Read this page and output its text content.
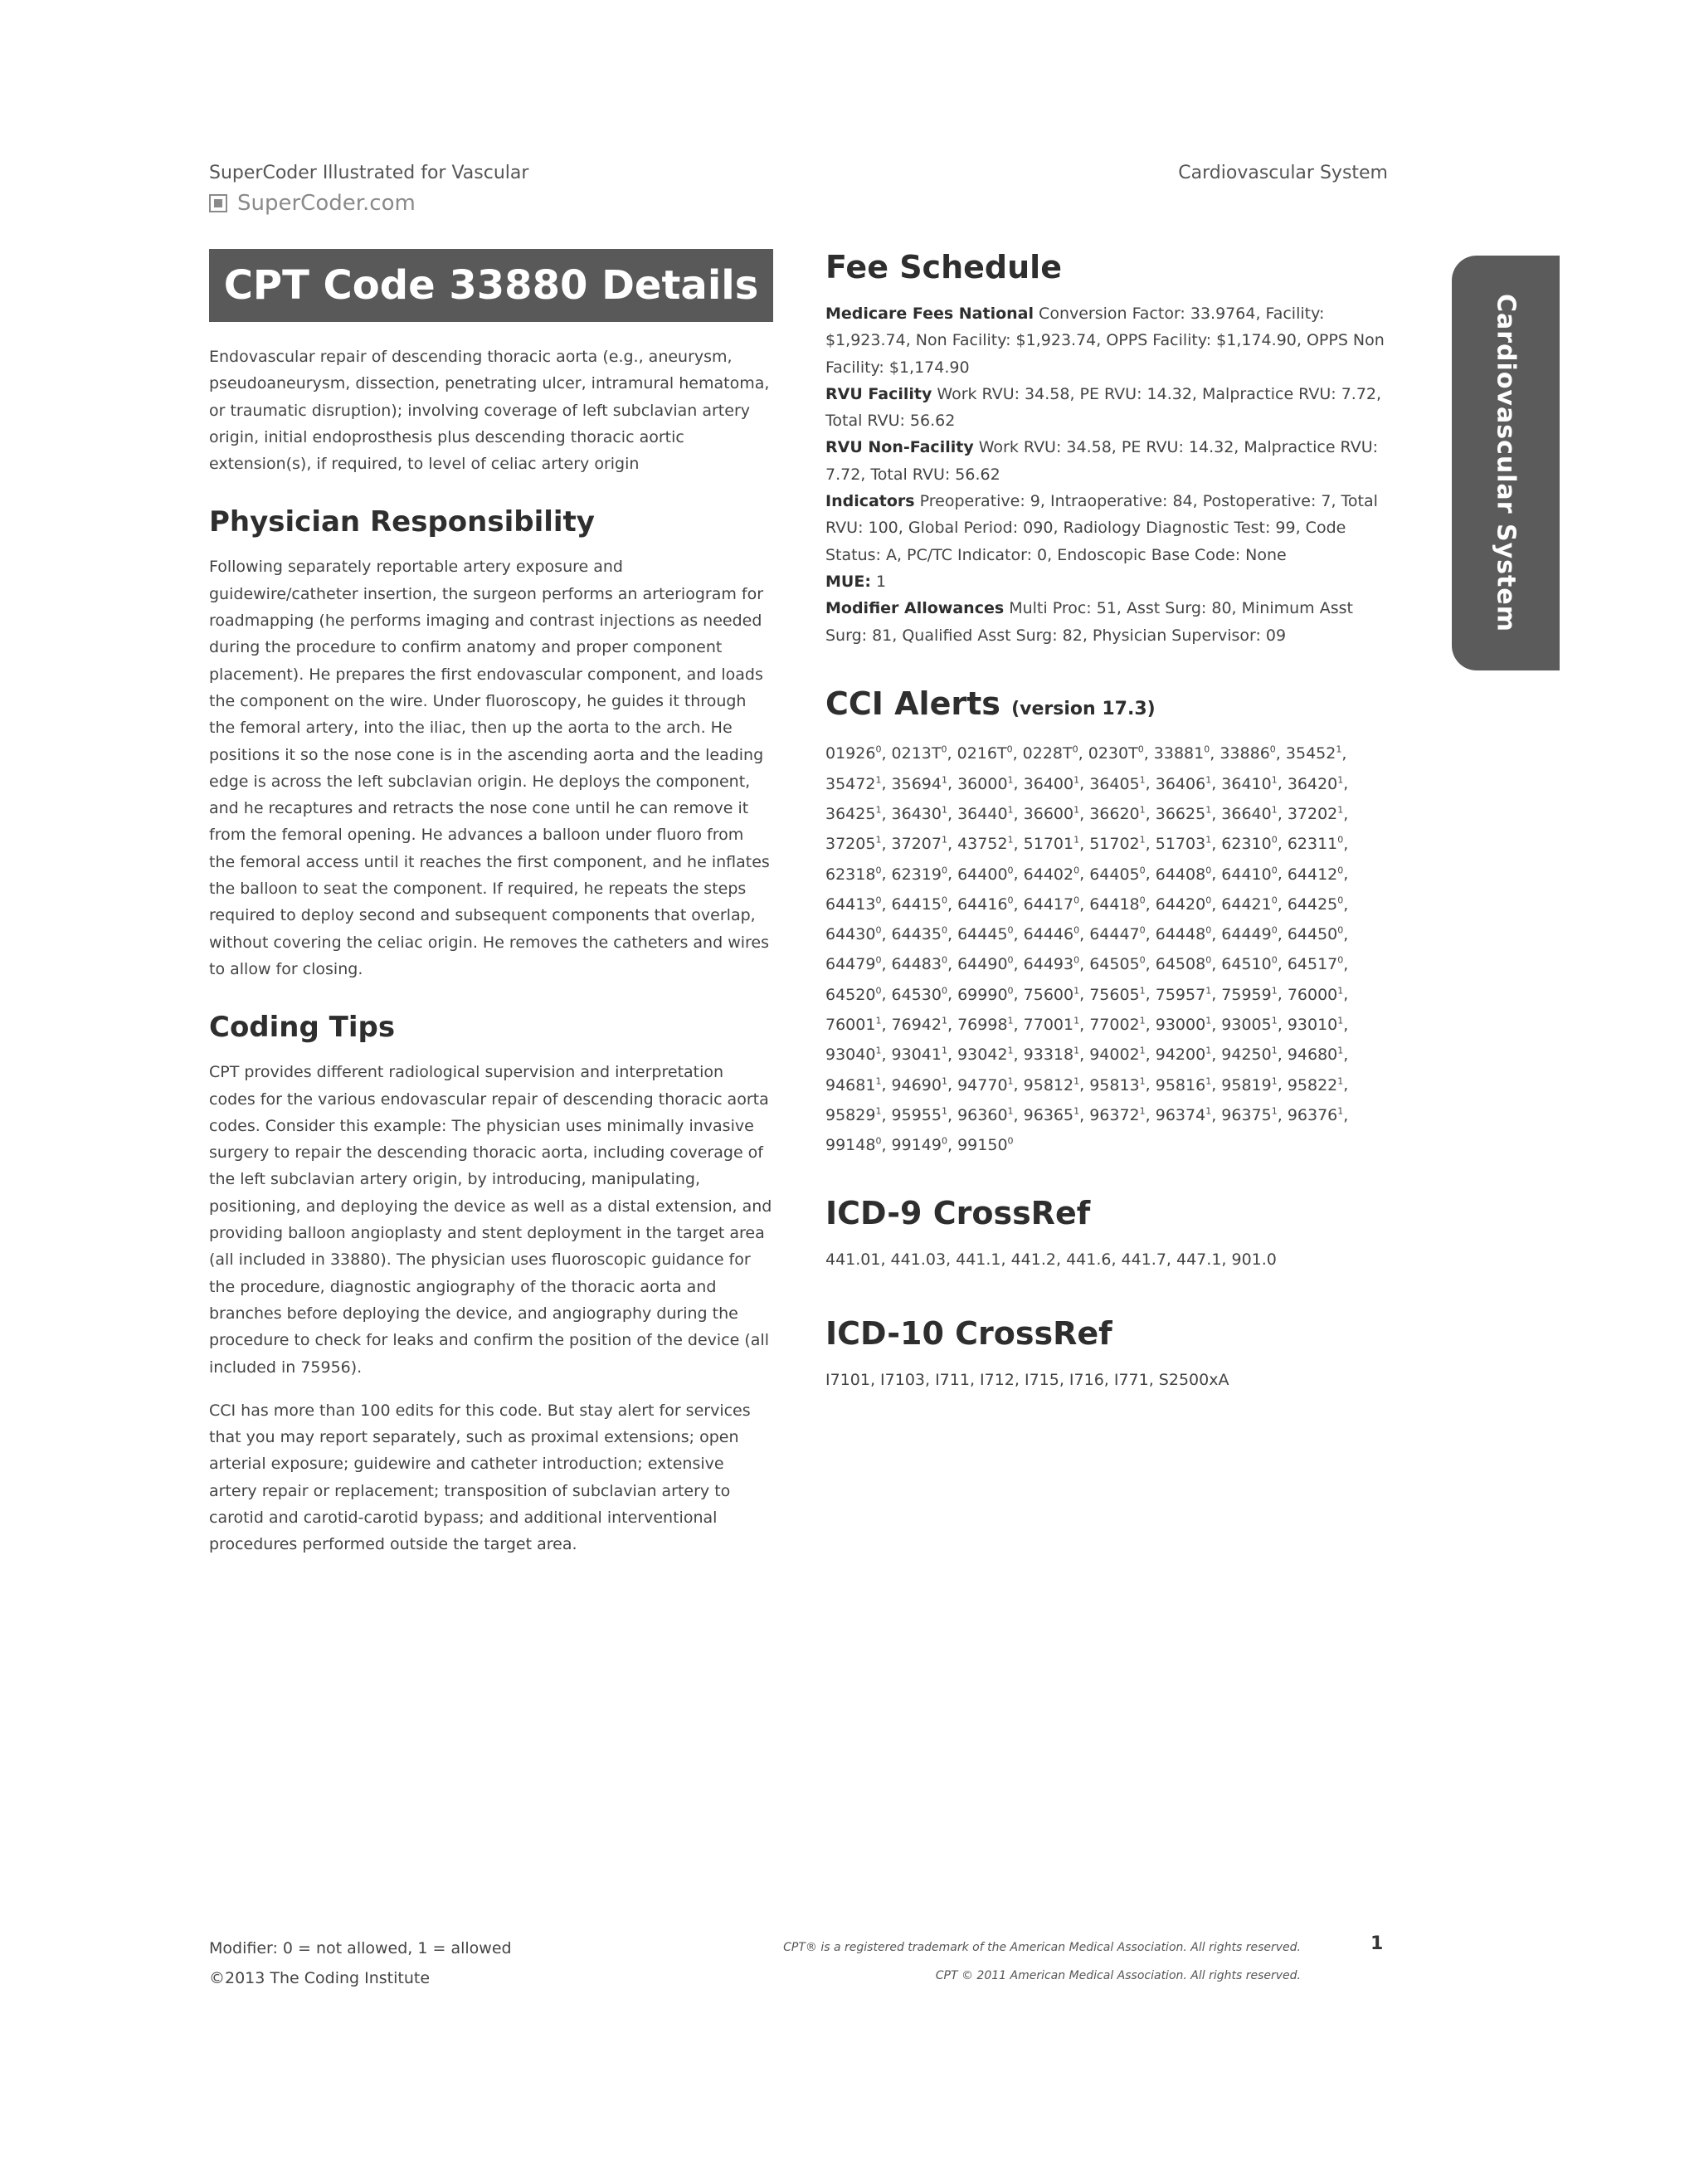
SuperCoder Illustrated for Vascular
SuperCoder.com
Cardiovascular System
Cardiovascular System
CPT Code 33880 Details

Endovascular repair of descending thoracic aorta (e.g., aneurysm, pseudoaneurysm, dissection, penetrating ulcer, intramural hematoma, or traumatic disruption); involving coverage of left subclavian artery origin, initial endoprosthesis plus descending thoracic aortic extension(s), if required, to level of celiac artery origin

Physician Responsibility

Following separately reportable artery exposure and guidewire/catheter insertion, the surgeon performs an arteriogram for roadmapping (he performs imaging and contrast injections as needed during the procedure to confirm anatomy and proper component placement). He prepares the first endovascular component, and loads the component on the wire. Under fluoroscopy, he guides it through the femoral artery, into the iliac, then up the aorta to the arch. He positions it so the nose cone is in the ascending aorta and the leading edge is across the left subclavian origin. He deploys the component, and he recaptures and retracts the nose cone until he can remove it from the femoral opening. He advances a balloon under fluoro from the femoral access until it reaches the first component, and he inflates the balloon to seat the component. If required, he repeats the steps required to deploy second and subsequent components that overlap, without covering the celiac origin. He removes the catheters and wires to allow for closing.

Coding Tips

CPT provides different radiological supervision and interpretation codes for the various endovascular repair of descending thoracic aorta codes. Consider this example: The physician uses minimally invasive surgery to repair the descending thoracic aorta, including coverage of the left subclavian artery origin, by introducing, manipulating, positioning, and deploying the device as well as a distal extension, and providing balloon angioplasty and stent deployment in the target area (all included in 33880). The physician uses fluoroscopic guidance for the procedure, diagnostic angiography of the thoracic aorta and branches before deploying the device, and angiography during the procedure to check for leaks and confirm the position of the device (all included in 75956).

CCI has more than 100 edits for this code. But stay alert for services that you may report separately, such as proximal extensions; open arterial exposure; guidewire and catheter introduction; extensive artery repair or replacement; transposition of subclavian artery to carotid and carotid-carotid bypass; and additional interventional procedures performed outside the target area.

Fee Schedule

Medicare Fees National Conversion Factor: 33.9764, Facility: $1,923.74, Non Facility: $1,923.74, OPPS Facility: $1,174.90, OPPS Non Facility: $1,174.90

RVU Facility Work RVU: 34.58, PE RVU: 14.32, Malpractice RVU: 7.72, Total RVU: 56.62

RVU Non-Facility Work RVU: 34.58, PE RVU: 14.32, Malpractice RVU: 7.72, Total RVU: 56.62

Indicators Preoperative: 9, Intraoperative: 84, Postoperative: 7, Total RVU: 100, Global Period: 090, Radiology Diagnostic Test: 99, Code Status: A, PC/TC Indicator: 0, Endoscopic Base Code: None

MUE: 1

Modifier Allowances Multi Proc: 51, Asst Surg: 80, Minimum Asst Surg: 81, Qualified Asst Surg: 82, Physician Supervisor: 09

CCI Alerts (version 17.3)
01926$^0$, $0213T^0$, $0216T^0$, $0228T^0$, $0230T^0$, 33881$^0$, 33886$^0$, 35452$^1$, 35472$^1$, 35694$^1$, 36000$^1$, 36400$^1$, 36405$^1$, 36406$^1$, 36410$^1$, 36420$^1$, 36425$^1$, 36430$^1$, 36440$^1$, 36600$^1$, 36620$^1$, 36625$^1$, 36640$^1$, 37202$^1$, 37205$^1$, 37207$^1$, 43752$^1$, 51701$^1$, 51702$^1$, 51703$^1$, 62310$^0$, 62311$^0$, 62318$^0$, 62319$^0$, 64400$^0$, 64402$^0$, 64405$^0$, 64408$^0$, 64410$^0$, 64412$^0$, 64413$^0$, 64415$^0$, 64416$^0$, 64417$^0$, 64418$^0$, 64420$^0$, 64421$^0$, 64425$^0$, 64430$^0$, 64435$^0$, 64445$^0$, 64446$^0$, 64447$^0$, 64448$^0$, 64449$^0$, 64450$^0$, 64479$^0$, 64483$^0$, 64490$^0$, 64493$^0$, 64505$^0$, 64508$^0$, 64510$^0$, 64517$^0$, 64520$^0$, 64530$^0$, 69990$^0$, 75600$^1$, 75605$^1$, 75957$^1$, 75959$^1$, 76000$^1$, 76001$^1$, 76942$^1$, 76998$^1$, 77001$^1$, 77002$^1$, 93000$^1$, 93005$^1$, 93010$^1$, 93040$^1$, 93041$^1$, 93042$^1$, 93318$^1$, 94002$^1$, 94200$^1$, 94250$^1$, 94680$^1$, 94681$^1$, 94690$^1$, 94770$^1$, 95812$^1$, 95813$^1$, 95816$^1$, 95819$^1$, 95822$^1$, 95829$^1$, 95955$^1$, 96360$^1$, 96365$^1$, 96372$^1$, 96374$^1$, 96375$^1$, 96376$^1$, 99148$^0$, 99149$^0$, 99150$^0$
ICD-9 CrossRef

441.01, 441.03, 441.1, 441.2, 441.6, 441.7, 447.1, 901.0

ICD-10 CrossRef

I7101, I7103, I711, I712, I715, I716, I771, S2500xA

Modifier: 0 = not allowed, 1 = allowed
©2013 The Coding Institute
CPT® is a registered trademark of the American Medical Association. All rights reserved.
CPT © 2011 American Medical Association. All rights reserved.
1
